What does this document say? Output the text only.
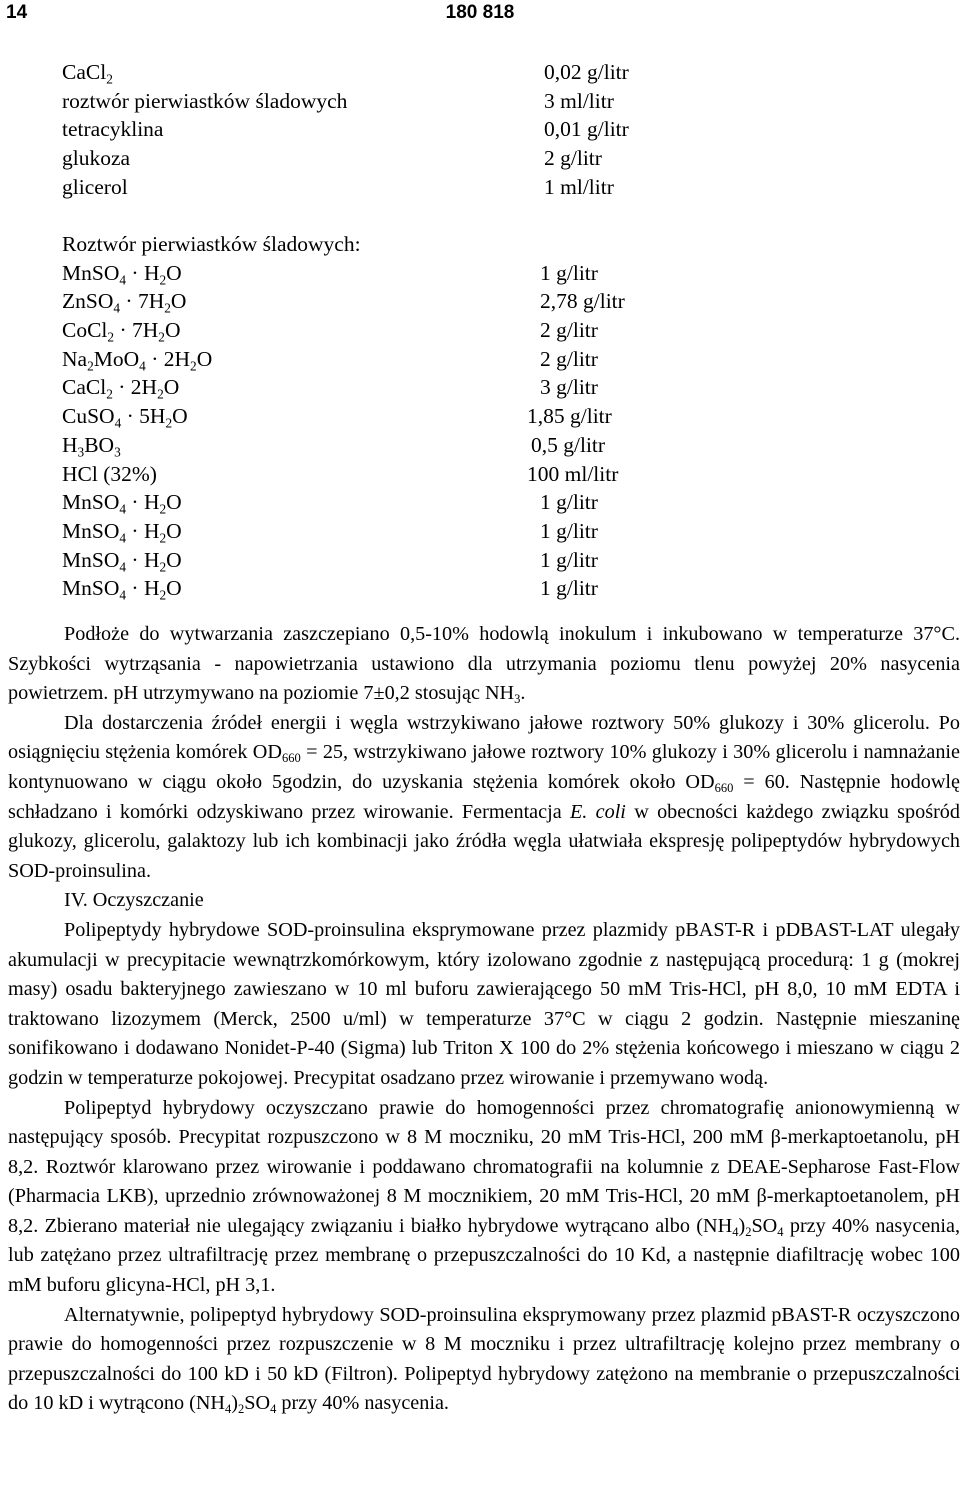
14	180 818
CaCl$_2$	0,02 g/litr
roztwór pierwiastków śladowych	3 ml/litr
tetracyklina	0,01 g/litr
glukoza	2 g/litr
glicerol	1 ml/litr
Roztwór pierwiastków śladowych:
MnSO$_4$ · $H_2O$	1 g/litr
ZnSO$_4$ · $7H_2O$	2,78 g/litr
CoCl$_2$ · $7H_2O$	2 g/litr
$Na_2MoO_4 \cdot 2H_2O$	2 g/litr
CaCl$_2$ · $2H_2O$	3 g/litr
CuSO$_4$ · $5H_2O$	1,85 g/litr
$H_3BO_3$	0,5 g/litr
HCl (32%)	100 ml/litr
MnSO$_4$ · $H_2O$	1 g/litr
MnSO$_4$ · $H_2O$	1 g/litr
MnSO$_4$ · $H_2O$	1 g/litr
MnSO$_4$ · $H_2O$	1 g/litr

Podłoże do wytwarzania zaszczepiano 0,5-10% hodowlą inokulum i inkubowano w temperaturze 37°C. Szybkości wytrząsania - napowietrzania ustawiono dla utrzymania poziomu tlenu powyżej 20% nasycenia powietrzem. pH utrzymywano na poziomie 7±0,2 stosując $NH_3$.

Dla dostarczenia źródeł energii i węgla wstrzykiwano jałowe roztwory 50% glukozy i 30% glicerolu. Po osiągnięciu stężenia komórek $OD_{660} = 25$, wstrzykiwano jałowe roztwory 10% glukozy i 30% glicerolu i namnażanie kontynuowano w ciągu około 5godzin, do uzyskania stężenia komórek około $OD_{660} = 60$. Następnie hodowlę schładzano i komórki odzyskiwano przez wirowanie. Fermentacja E. coli w obecności każdego związku spośród glukozy, glicerolu, galaktozy lub ich kombinacji jako źródła węgla ułatwiała ekspresję polipeptydów hybrydowych SOD-proinsulina.

IV. Oczyszczanie

Polipeptydy hybrydowe SOD-proinsulina eksprymowane przez plazmidy pBAST-R i pDBAST-LAT ulegały akumulacji w precypitacie wewnątrzkomórkowym, który izolowano zgodnie z następującą procedurą: 1 g (mokrej masy) osadu bakteryjnego zawieszano w 10 ml buforu zawierającego 50 mM Tris-HCl, pH 8,0, 10 mM EDTA i traktowano lizozymem (Merck, 2500 u/ml) w temperaturze 37°C w ciągu 2 godzin. Następnie mieszaninę sonifikowano i dodawano Nonidet-P-40 (Sigma) lub Triton X 100 do 2% stężenia końcowego i mieszano w ciągu 2 godzin w temperaturze pokojowej. Precypitat osadzano przez wirowanie i przemywano wodą.

Polipeptyd hybrydowy oczyszczano prawie do homogenności przez chromatografię anionowymienną w następujący sposób. Precypitat rozpuszczono w 8 M moczniku, 20 mM Tris-HCl, 200 mM β-merkaptoetanolu, pH 8,2. Roztwór klarowano przez wirowanie i poddawano chromatografii na kolumnie z DEAE-Sepharose Fast-Flow (Pharmacia LKB), uprzednio zrównoważonej 8 M mocznikiem, 20 mM Tris-HCl, 20 mM β-merkaptoetanolem, pH 8,2. Zbierano materiał nie ulegający związaniu i białko hybrydowe wytrącano albo $(NH_4)_2SO_4$ przy 40% nasycenia, lub zatężano przez ultrafiltrację przez membranę o przepuszczalności do 10 Kd, a następnie diafiltrację wobec 100 mM buforu glicyna-HCl, pH 3,1.

Alternatywnie, polipeptyd hybrydowy SOD-proinsulina eksprymowany przez plazmid pBAST-R oczyszczono prawie do homogenności przez rozpuszczenie w 8 M moczniku i przez ultrafiltrację kolejno przez membrany o przepuszczalności do 100 kD i 50 kD (Filtron). Polipeptyd hybrydowy zatężono na membranie o przepuszczalności do 10 kD i wytrącono $(NH_4)_2SO_4$ przy 40% nasycenia.
